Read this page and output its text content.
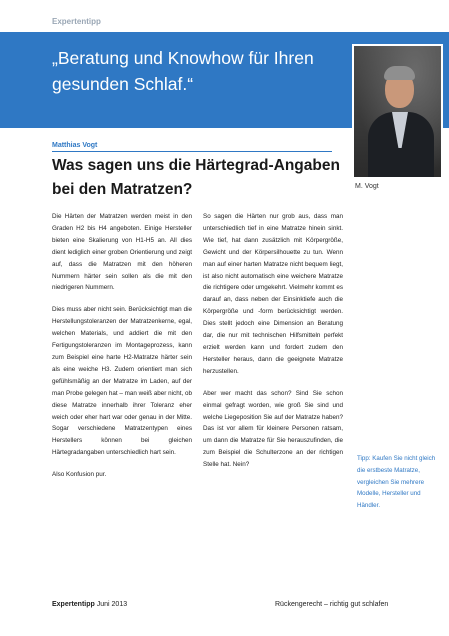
Expertentipp
„Beratung und Knowhow für Ihren gesunden Schlaf.“
M. Vogt
Matthias Vogt
Was sagen uns die Härtegrad-Angaben bei den Matratzen?

Die Härten der Matratzen werden meist in den Graden H2 bis H4 angeboten. Einige Hersteller bieten eine Skalierung von H1-H5 an. All dies dient lediglich einer groben Orientierung und zeigt auf, dass die Matratzen mit den höheren Nummern härter sein sollen als die mit den niedrigeren Nummern.

Dies muss aber nicht sein. Berücksichtigt man die Herstellungstoleranzen der Matratzenkerne, egal, welchen Materials, und addiert die mit den Fertigungstoleranzen im Montageprozess, kann zum Beispiel eine harte H2-Matratze härter sein als eine weiche H3. Zudem orientiert man sich gefühlsmäßig an der Matratze im Laden, auf der man Probe gelegen hat – man weiß aber nicht, ob diese Matratze innerhalb ihrer Toleranz eher weich oder eher hart war oder genau in der Mitte. Sogar verschiedene Matratzentypen eines Herstellers können bei gleichen Härtegradangaben unterschiedlich hart sein.

Also Konfusion pur.

So sagen die Härten nur grob aus, dass man unterschiedlich tief in eine Matratze hinein sinkt. Wie tief, hat dann zusätzlich mit Körpergröße, Gewicht und der Körpersilhouette zu tun. Wenn man auf einer harten Matratze nicht bequem liegt, ist also nicht automatisch eine weichere Matratze die richtigere oder umgekehrt. Vielmehr kommt es darauf an, dass neben der Einsinktiefe auch die Körpergröße und -form berücksichtigt werden. Dies stellt jedoch eine Dimension an Beratung dar, die nur mit technischen Hilfsmitteln perfekt erzielt werden kann und fordert zudem den Hersteller heraus, dann die geeignete Matratze herzustellen.

Aber wer macht das schon? Sind Sie schon einmal gefragt worden, wie groß Sie sind und welche Liegeposition Sie auf der Matratze haben? Das ist vor allem für kleinere Personen ratsam, um dann die Matratze für Sie herauszufinden, die zum Beispiel die Schulterzone an der richtigen Stelle hat. Nein?

Tipp: Kaufen Sie nicht gleich die erstbeste Matratze, vergleichen Sie mehrere Modelle, Hersteller und Händler.
Expertentipp Juni 2013	Rückengerecht – richtig gut schlafen
